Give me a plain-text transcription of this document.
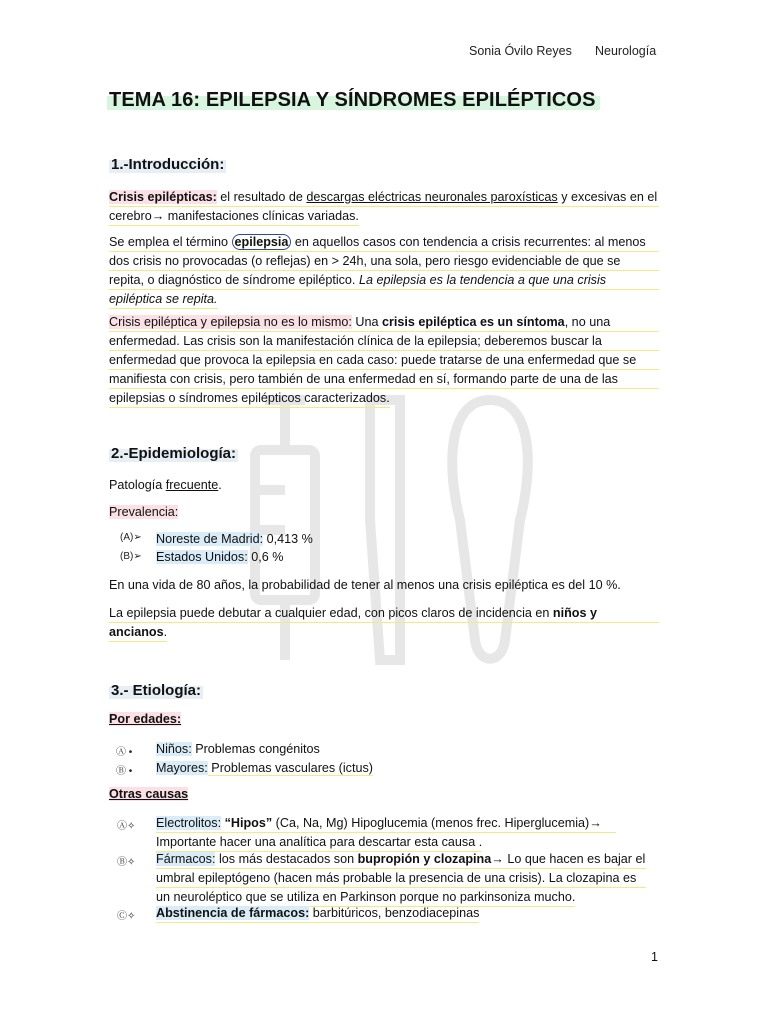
Sonia Óvilo Reyes Neurología
TEMA 16: EPILEPSIA Y SÍNDROMES EPILÉPTICOS
1.-Introducción:
Crisis epilépticas: el resultado de descargas eléctricas neuronales paroxísticas y excesivas en el
cerebro→ manifestaciones clínicas variadas.
Se emplea el término epilepsia en aquellos casos con tendencia a crisis recurrentes: al menos
dos crisis no provocadas (o reflejas) en > 24h, una sola, pero riesgo evidenciable de que se
repita, o diagnóstico de síndrome epiléptico. La epilepsia es la tendencia a que una crisis
epiléptica se repita.
Crisis epiléptica y epilepsia no es lo mismo: Una crisis epiléptica es un síntoma, no una
enfermedad. Las crisis son la manifestación clínica de la epilepsia; deberemos buscar la
enfermedad que provoca la epilepsia en cada caso: puede tratarse de una enfermedad que se
manifiesta con crisis, pero también de una enfermedad en sí, formando parte de una de las
epilepsias o síndromes epilépticos caracterizados.
2.-Epidemiología:
Patología frecuente.
Prevalencia:
(A)➢ Noreste de Madrid: 0,413 %
(B)➢ Estados Unidos: 0,6 %
En una vida de 80 años, la probabilidad de tener al menos una crisis epiléptica es del 10 %.
La epilepsia puede debutar a cualquier edad, con picos claros de incidencia en niños y
ancianos.
3.- Etiología:
Por edades:
Ⓐ • Niños: Problemas congénitos
Ⓑ • Mayores: Problemas vasculares (ictus)
Otras causas
Ⓐ✧ Electrolitos: “Hipos” (Ca, Na, Mg) Hipoglucemia (menos frec. Hiperglucemia)→
Importante hacer una analítica para descartar esta causa .
Ⓑ✧ Fármacos: los más destacados son bupropión y clozapina→ Lo que hacen es bajar el
umbral epileptógeno (hacen más probable la presencia de una crisis). La clozapina es
un neuroléptico que se utiliza en Parkinson porque no parkinsoniza mucho.
Ⓒ✧ Abstinencia de fármacos: barbitúricos, benzodiacepinas
1
